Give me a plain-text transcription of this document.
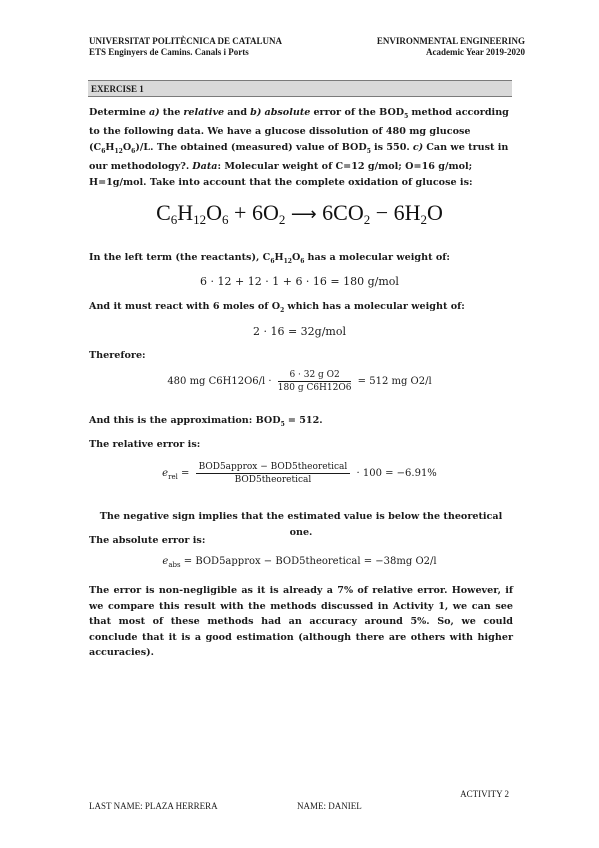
UNIVERSITAT POLITÈCNICA DE CATALUNA
ETS Enginyers de Camins. Canals i Ports
ENVIRONMENTAL ENGINEERING
Academic Year 2019-2020
EXERCISE 1
Determine a) the relative and b) absolute error of the $BOD_5$ method according to the following data. We have a glucose dissolution of 480 mg glucose $(C_6H_{12}O_6)/L$. The obtained (measured) value of $BOD_5$ is 550. c) Can we trust in our methodology?. Data: Molecular weight of C=12 g/mol; O=16 g/mol; H=1g/mol. Take into account that the complete oxidation of glucose is:
$C_6H_{12}O_6 + 6O_2$ ⟶ $6CO_2 - 6H_2O$
In the left term (the reactants), $C_6H_{12}O_6$ has a molecular weight of:
6 · 12 + 12 · 1 + 6 · 16 = 180 g/mol
And it must react with 6 moles of $O_2$ which has a molecular weight of:
2 · 16 = 32g/mol
Therefore:
480 mg $C6H12O6/l \cdot \frac{\text{6 · 32 g O2}}{\text{180 g C6H12O6}} = 512$ mg O2/l
And this is the approximation: $BOD_5 = 512$.
The relative error is:
$e_{rel} = \frac{\text{BOD5approx − BOD5theoretical}}{\text{BOD5theoretical}} \cdot 100 = -6.91\%$
The negative sign implies that the estimated value is below the theoretical one.
The absolute error is:
$e_{abs}$ = BOD5approx − BOD5theoretical = −38mg O2/l
The error is non-negligible as it is already a 7% of relative error. However, if we compare this result with the methods discussed in Activity 1, we can see that most of these methods had an accuracy around 5%. So, we could conclude that it is a good estimation (although there are others with higher accuracies).
ACTIVITY 2
LAST NAME: PLAZA HERRERA	NAME: DANIEL
